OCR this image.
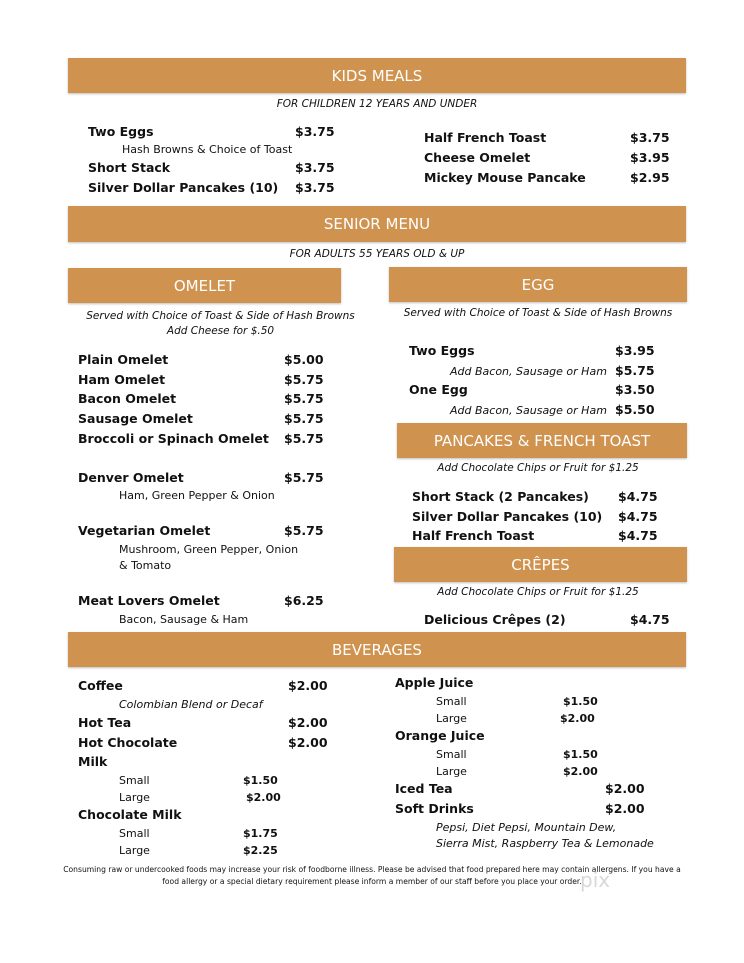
KIDS MEALS
FOR CHILDREN 12 YEARS AND UNDER
Two Eggs	$3.75
Hash Browns & Choice of Toast
Short Stack	$3.75
Silver Dollar Pancakes (10) $3.75
Half French Toast	$3.75
Cheese Omelet	$3.95
Mickey Mouse Pancake	$2.95
SENIOR MENU
FOR ADULTS 55 YEARS OLD & UP
OMELET
Served with Choice of Toast & Side of Hash Browns
Add Cheese for $.50
Plain Omelet	$5.00
Ham Omelet	$5.75
Bacon Omelet	$5.75
Sausage Omelet	$5.75
Broccoli or Spinach Omelet $5.75
Denver Omelet	$5.75
Ham, Green Pepper & Onion
Vegetarian Omelet	$5.75
Mushroom, Green Pepper, Onion
& Tomato
Meat Lovers Omelet	$6.25
Bacon, Sausage & Ham
EGG
Served with Choice of Toast & Side of Hash Browns
Two Eggs	$3.95
Add Bacon, Sausage or Ham $5.75
One Egg	$3.50
Add Bacon, Sausage or Ham $5.50
PANCAKES & FRENCH TOAST
Add Chocolate Chips or Fruit for $1.25
Short Stack (2 Pancakes) $4.75
Silver Dollar Pancakes (10) $4.75
Half French Toast	$4.75
CRÊPES
Add Chocolate Chips or Fruit for $1.25
Delicious Crêpes (2)	$4.75
BEVERAGES
Coffee	$2.00
Colombian Blend or Decaf
Hot Tea	$2.00
Hot Chocolate	$2.00
Milk
Small	$1.50
Large	$2.00
Chocolate Milk
Small	$1.75
Large	$2.25
Apple Juice
Small	$1.50
Large	$2.00
Orange Juice
Small	$1.50
Large	$2.00
Iced Tea	$2.00
Soft Drinks	$2.00
Pepsi, Diet Pepsi, Mountain Dew,
Sierra Mist, Raspberry Tea & Lemonade
Consuming raw or undercooked foods may increase your risk of foodborne illness. Please be advised that food prepared here may contain allergens. If you have a
food allergy or a special dietary requirement please inform a member of our staff before you place your order.
pix
